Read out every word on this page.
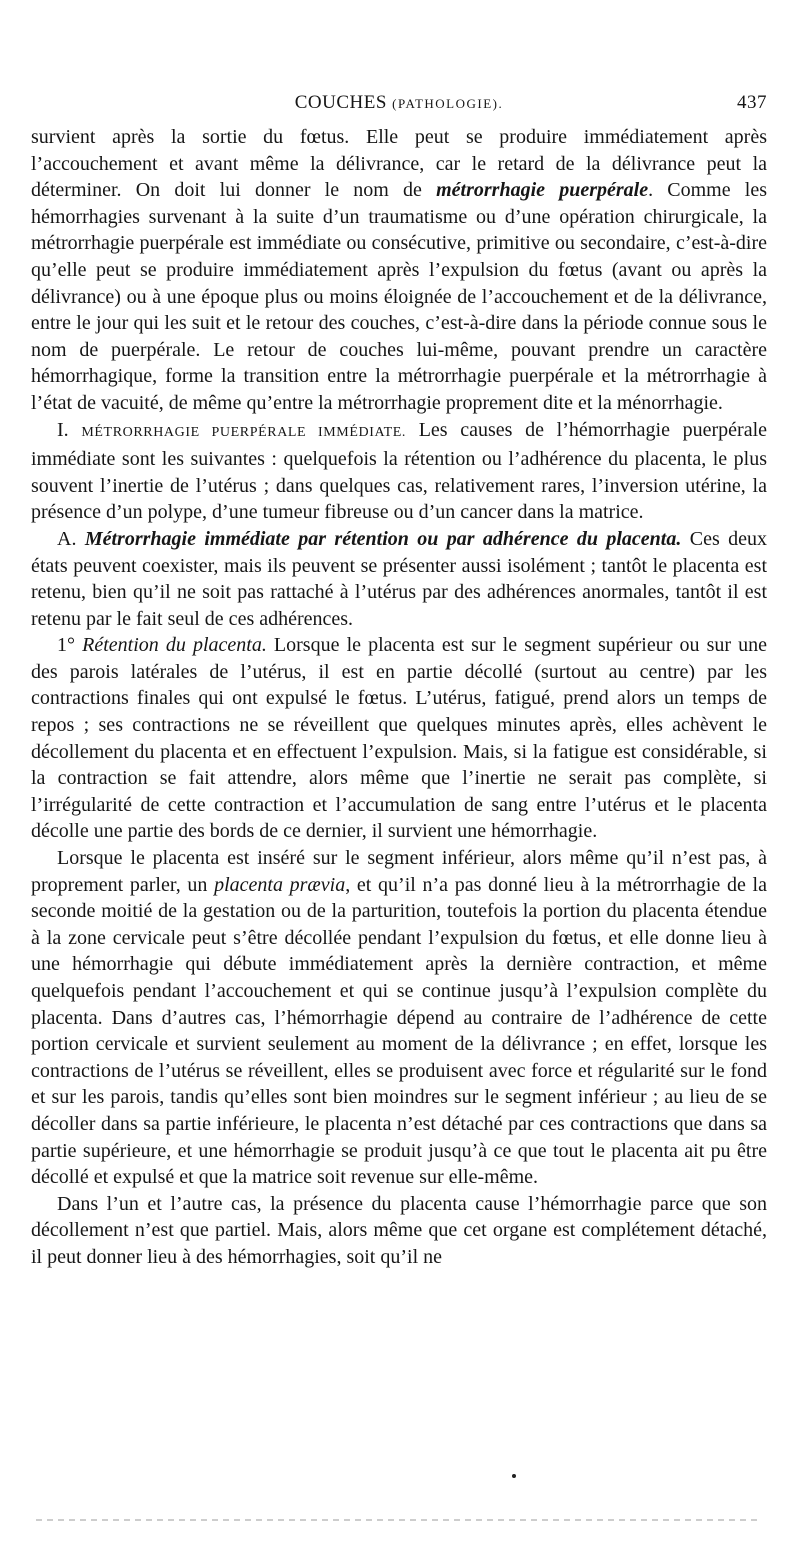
COUCHES (PATHOLOGIE).	437

survient après la sortie du fœtus. Elle peut se produire immédiatement après l’accouchement et avant même la délivrance, car le retard de la délivrance peut la déterminer. On doit lui donner le nom de métrorrhagie puerpérale. Comme les hémorrhagies survenant à la suite d’un traumatisme ou d’une opération chirurgicale, la métrorrhagie puerpérale est immédiate ou consécutive, primitive ou secondaire, c’est-à-dire qu’elle peut se produire immédiatement après l’expulsion du fœtus (avant ou après la délivrance) ou à une époque plus ou moins éloignée de l’accouchement et de la délivrance, entre le jour qui les suit et le retour des couches, c’est-à-dire dans la période connue sous le nom de puerpérale. Le retour de couches lui-même, pouvant prendre un caractère hémorrhagique, forme la transition entre la métrorrhagie puerpérale et la métrorrhagie à l’état de vacuité, de même qu’entre la métrorrhagie proprement dite et la ménorrhagie.

I. MÉTRORRHAGIE PUERPÉRALE IMMÉDIATE. Les causes de l’hémorrhagie puerpérale immédiate sont les suivantes : quelquefois la rétention ou l’adhérence du placenta, le plus souvent l’inertie de l’utérus ; dans quelques cas, relativement rares, l’inversion utérine, la présence d’un polype, d’une tumeur fibreuse ou d’un cancer dans la matrice.

A. Métrorrhagie immédiate par rétention ou par adhérence du placenta. Ces deux états peuvent coexister, mais ils peuvent se présenter aussi isolément ; tantôt le placenta est retenu, bien qu’il ne soit pas rattaché à l’utérus par des adhérences anormales, tantôt il est retenu par le fait seul de ces adhérences.

1° Rétention du placenta. Lorsque le placenta est sur le segment supérieur ou sur une des parois latérales de l’utérus, il est en partie décollé (surtout au centre) par les contractions finales qui ont expulsé le fœtus. L’utérus, fatigué, prend alors un temps de repos ; ses contractions ne se réveillent que quelques minutes après, elles achèvent le décollement du placenta et en effectuent l’expulsion. Mais, si la fatigue est considérable, si la contraction se fait attendre, alors même que l’inertie ne serait pas complète, si l’irrégularité de cette contraction et l’accumulation de sang entre l’utérus et le placenta décolle une partie des bords de ce dernier, il survient une hémorrhagie.

Lorsque le placenta est inséré sur le segment inférieur, alors même qu’il n’est pas, à proprement parler, un placenta prævia, et qu’il n’a pas donné lieu à la métrorrhagie de la seconde moitié de la gestation ou de la parturition, toutefois la portion du placenta étendue à la zone cervicale peut s’être décollée pendant l’expulsion du fœtus, et elle donne lieu à une hémorrhagie qui débute immédiatement après la dernière contraction, et même quelquefois pendant l’accouchement et qui se continue jusqu’à l’expulsion complète du placenta. Dans d’autres cas, l’hémorrhagie dépend au contraire de l’adhérence de cette portion cervicale et survient seulement au moment de la délivrance ; en effet, lorsque les contractions de l’utérus se réveillent, elles se produisent avec force et régularité sur le fond et sur les parois, tandis qu’elles sont bien moindres sur le segment inférieur ; au lieu de se décoller dans sa partie inférieure, le placenta n’est détaché par ces contractions que dans sa partie supérieure, et une hémorrhagie se produit jusqu’à ce que tout le placenta ait pu être décollé et expulsé et que la matrice soit revenue sur elle-même.

Dans l’un et l’autre cas, la présence du placenta cause l’hémorrhagie parce que son décollement n’est que partiel. Mais, alors même que cet organe est complétement détaché, il peut donner lieu à des hémorrhagies, soit qu’il ne
